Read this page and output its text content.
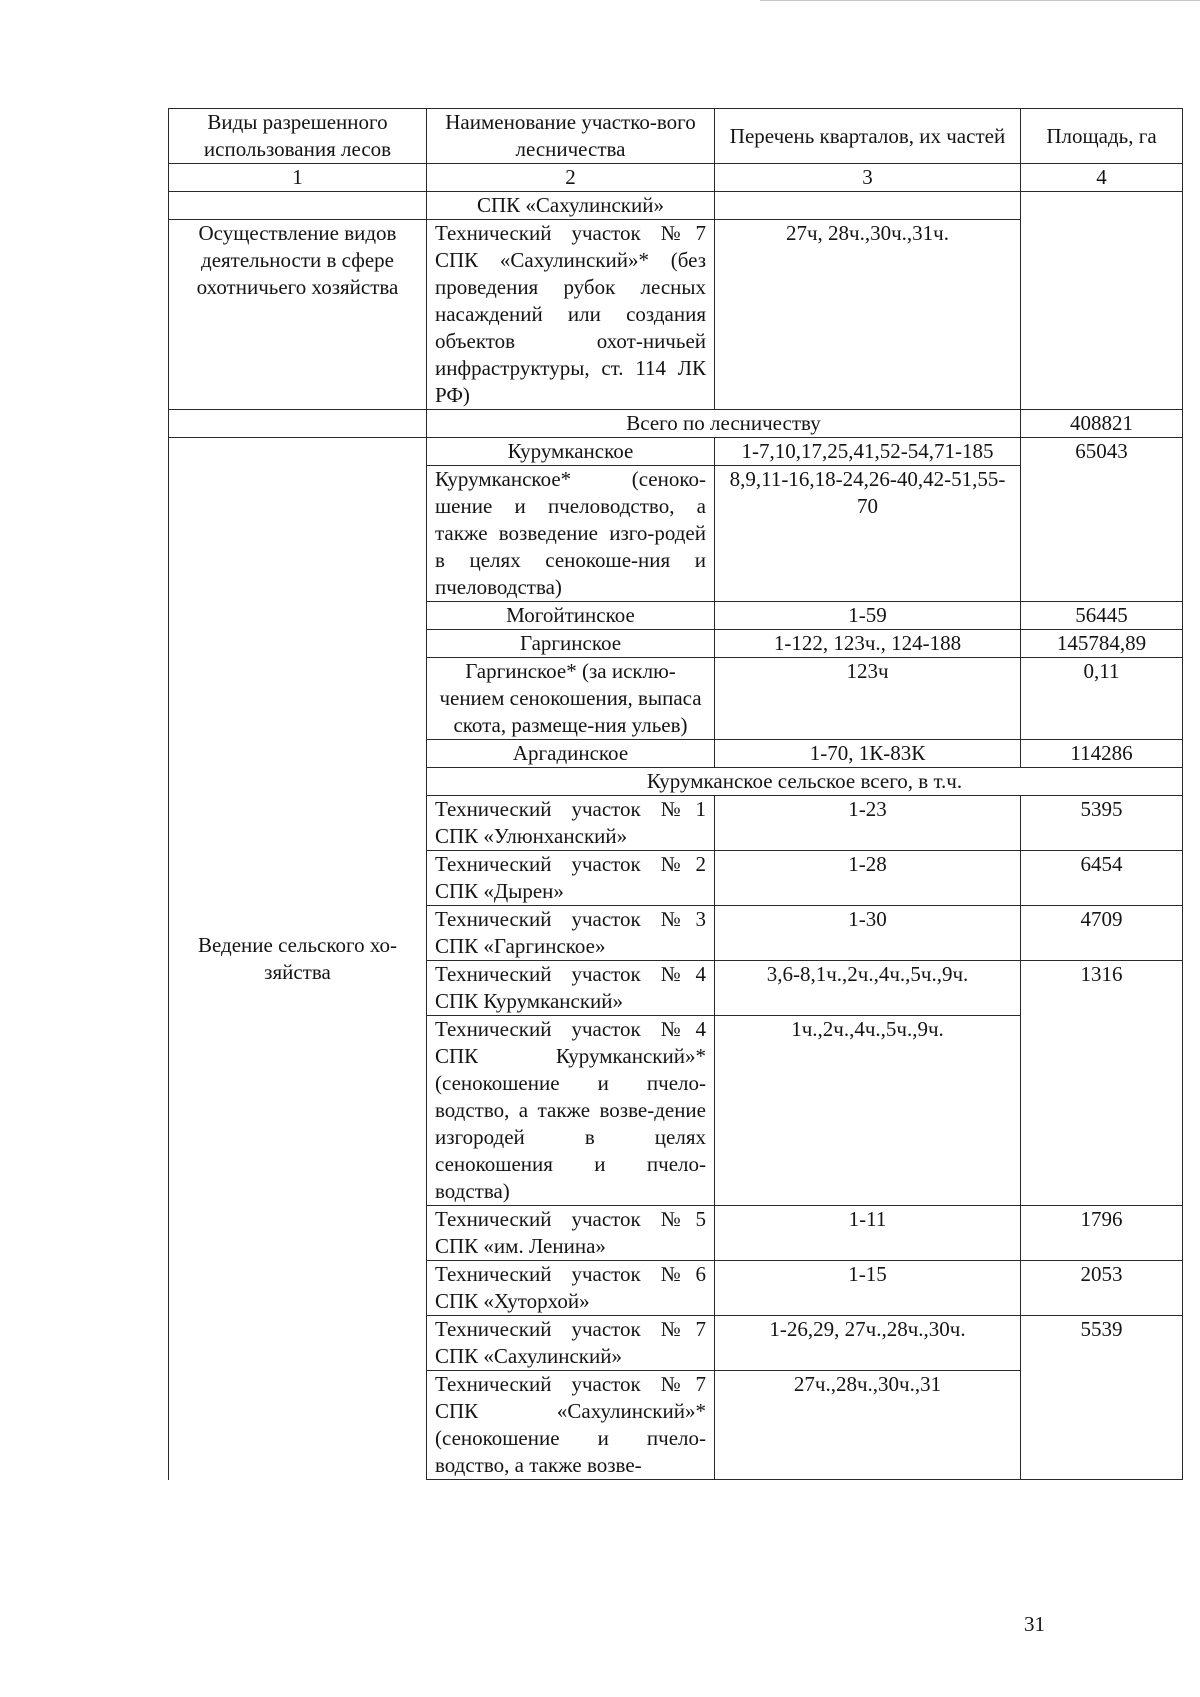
Виды разрешенного использования лесов	Наименование участко-вого лесничества	Перечень кварталов, их частей	Площадь, га
1	2	3	4
	СПК «Сахулинский»		
Осуществление видов деятельности в сфере охотничьего хозяйства	Технический участок №7 СПК «Сахулинский»* (без проведения рубок лесных насаждений или создания объектов охот-ничьей инфраструктуры, ст. 114 ЛК РФ)	27ч, 28ч.,30ч.,31ч.	
	Всего по лесничеству		408821
Ведение сельского хо-зяйства	Курумканское	1-7,10,17,25,41,52-54,71-185	65043
	Курумканское* (сеноко-шение и пчеловодство, а также возведение изго-родей в целях сенокоше-ния и пчеловодства)	8,9,11-16,18-24,26-40,42-51,55-70	
	Могойтинское	1-59	56445
	Гаргинское	1-122, 123ч., 124-188	145784,89
	Гаргинское* (за исклю-чением сенокошения, выпаса скота, размеще-ния ульев)	123ч	0,11
	Аргадинское	1-70, 1К-83К	114286
	Курумканское сельское всего, в т.ч.		
	Технический участок №1 СПК «Улюнханский»	1-23	5395
	Технический участок №2 СПК «Дырен»	1-28	6454
	Технический участок №3 СПК «Гаргинское»	1-30	4709
	Технический участок №4 СПК Курумканский»	3,6-8,1ч.,2ч.,4ч.,5ч.,9ч.	1316
	Технический участок №4 СПК Курумканский»* (сенокошение и пчело-водство, а также возве-дение изгородей в целях сенокошения и пчело-водства)	1ч.,2ч.,4ч.,5ч.,9ч.	
	Технический участок №5 СПК «им. Ленина»	1-11	1796
	Технический участок №6 СПК «Хуторхой»	1-15	2053
	Технический участок №7 СПК «Сахулинский»	1-26,29, 27ч.,28ч.,30ч.	5539
	Технический участок №7 СПК «Сахулинский»* (сенокошение и пчело-водство, а также возве-	27ч.,28ч.,30ч.,31	
31
